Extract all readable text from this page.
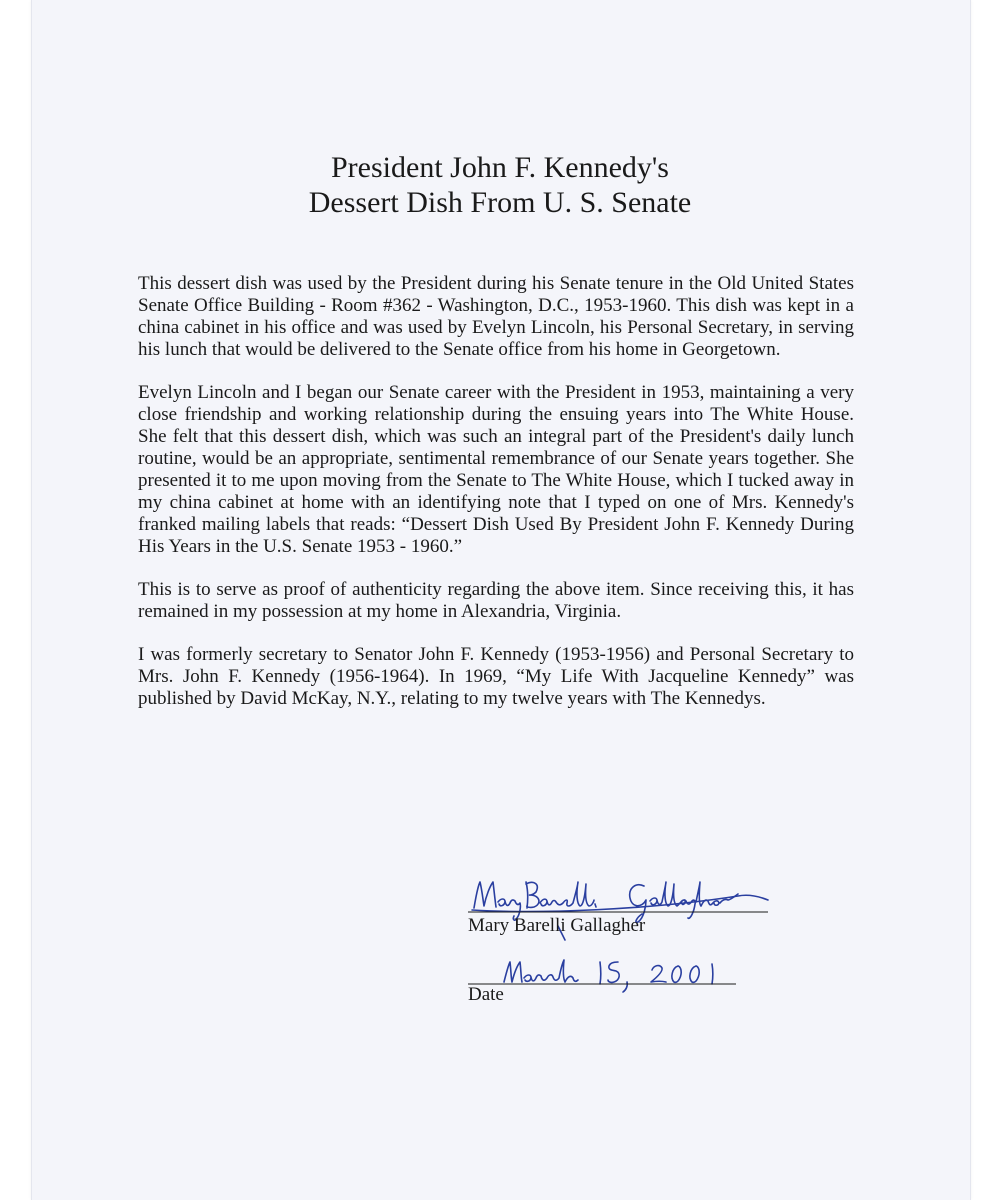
President John F. Kennedy's
Dessert Dish From U. S. Senate

This dessert dish was used by the President during his Senate tenure in the Old United States Senate Office Building - Room #362 - Washington, D.C., 1953-1960. This dish was kept in a china cabinet in his office and was used by Evelyn Lincoln, his Personal Secretary, in serving his lunch that would be delivered to the Senate office from his home in Georgetown.

Evelyn Lincoln and I began our Senate career with the President in 1953, maintaining a very close friendship and working relationship during the ensuing years into The White House. She felt that this dessert dish, which was such an integral part of the President's daily lunch routine, would be an appropriate, sentimental remembrance of our Senate years together. She presented it to me upon moving from the Senate to The White House, which I tucked away in my china cabinet at home with an identifying note that I typed on one of Mrs. Kennedy's franked mailing labels that reads: “Dessert Dish Used By President John F. Kennedy During His Years in the U.S. Senate 1953 - 1960.”

This is to serve as proof of authenticity regarding the above item. Since receiving this, it has remained in my possession at my home in Alexandria, Virginia.

I was formerly secretary to Senator John F. Kennedy (1953-1956) and Personal Secretary to Mrs. John F. Kennedy (1956-1964). In 1969, “My Life With Jacqueline Kennedy” was published by David McKay, N.Y., relating to my twelve years with The Kennedys.

Mary Barelli Gallagher
Date
